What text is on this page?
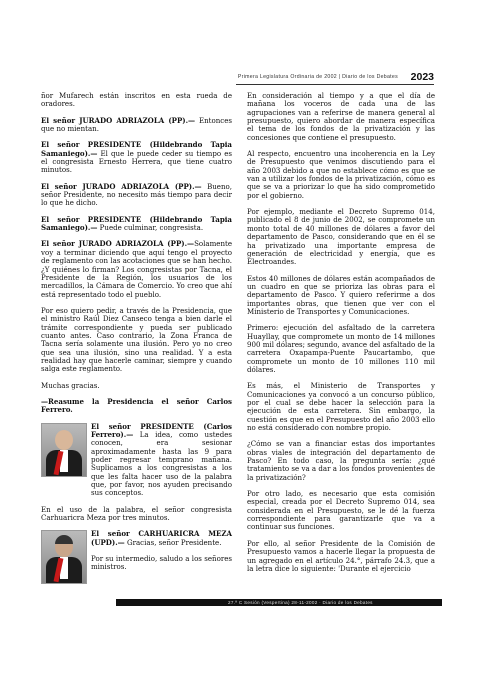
Primera Legislatura Ordinaria de 2002 | Diario de los Debates 2023

ñor Mufarech están inscritos en esta rueda de oradores.

El señor JURADO ADRIAZOLA (PP).— Entonces que no mientan.

El señor PRESIDENTE (Hildebrando Tapia Samaniego).— El que le puede ceder su tiempo es el congresista Ernesto Herrera, que tiene cuatro minutos.

El señor JURADO ADRIAZOLA (PP).— Bueno, señor Presidente, no necesito más tiempo para decir lo que he dicho.

El señor PRESIDENTE (Hildebrando Tapia Samaniego).— Puede culminar, congresista.

El señor JURADO ADRIAZOLA (PP).—Solamente voy a terminar diciendo que aquí tengo el proyecto de reglamento con las acotaciones que se han hecho. ¿Y quiénes lo firman? Los congresistas por Tacna, el Presidente de la Región, los usuarios de los mercadillos, la Cámara de Comercio. Yo creo que ahí está representado todo el pueblo.

Por eso quiero pedir, a través de la Presidencia, que el ministro Raúl Diez Canseco tenga a bien darle el trámite correspondiente y pueda ser publicado cuanto antes. Caso contrario, la Zona Franca de Tacna sería solamente una ilusión. Pero yo no creo que sea una ilusión, sino una realidad. Y a esta realidad hay que hacerle caminar, siempre y cuando salga este reglamento.

Muchas gracias.

—Reasume la Presidencia el señor Carlos Ferrero.

El señor PRESIDENTE (Carlos Ferrero).— La idea, como ustedes conocen, era sesionar aproximadamente hasta las 9 para poder regresar temprano mañana. Suplicamos a los congresistas a los que les falta hacer uso de la palabra que, por favor, nos ayuden precisando sus conceptos.

En el uso de la palabra, el señor congresista Carhuaricra Meza por tres minutos.

El señor CARHUARICRA MEZA (UPD).— Gracias, señor Presidente.

Por su intermedio, saludo a los señores ministros.

En consideración al tiempo y a que el día de mañana los voceros de cada una de las agrupaciones van a referirse de manera general al presupuesto, quiero abordar de manera específica el tema de los fondos de la privatización y las concesiones que contiene el presupuesto.

Al respecto, encuentro una incoherencia en la Ley de Presupuesto que venimos discutiendo para el año 2003 debido a que no establece cómo es que se van a utilizar los fondos de la privatización, cómo es que se va a priorizar lo que ha sido comprometido por el gobierno.

Por ejemplo, mediante el Decreto Supremo 014, publicado el 8 de junio de 2002, se compromete un monto total de 40 millones de dólares a favor del departamento de Pasco, considerando que en él se ha privatizado una importante empresa de generación de electricidad y energía, que es Electroandes.

Estos 40 millones de dólares están acompañados de un cuadro en que se prioriza las obras para el departamento de Pasco. Y quiero referirme a dos importantes obras, que tienen que ver con el Ministerio de Transportes y Comunicaciones.

Primero: ejecución del asfaltado de la carretera Huayllay, que compromete un monto de 14 millones 900 mil dólares; segundo, avance del asfaltado de la carretera Oxapampa-Puente Paucartambo, que compromete un monto de 10 millones 110 mil dólares.

Es más, el Ministerio de Transportes y Comunicaciones ya convocó a un concurso público, por el cual se debe hacer la selección para la ejecución de esta carretera. Sin embargo, la cuestión es que en el Presupuesto del año 2003 ello no está considerado con nombre propio.

¿Cómo se van a financiar estas dos importantes obras viales de integración del departamento de Pasco? En todo caso, la pregunta sería: ¿qué tratamiento se va a dar a los fondos provenientes de la privatización?

Por otro lado, es necesario que esta comisión especial, creada por el Decreto Supremo 014, sea considerada en el Presupuesto, se le dé la fuerza correspondiente para garantizarle que va a continuar sus funciones.

Por ello, al señor Presidente de la Comisión de Presupuesto vamos a hacerle llegar la propuesta de un agregado en el artículo 24.°, párrafo 24.3, que a la letra dice lo siguiente: 'Durante el ejercicio

27.ª C Sesión (Vespertina) 28-11-2002 · Diario de los Debates
